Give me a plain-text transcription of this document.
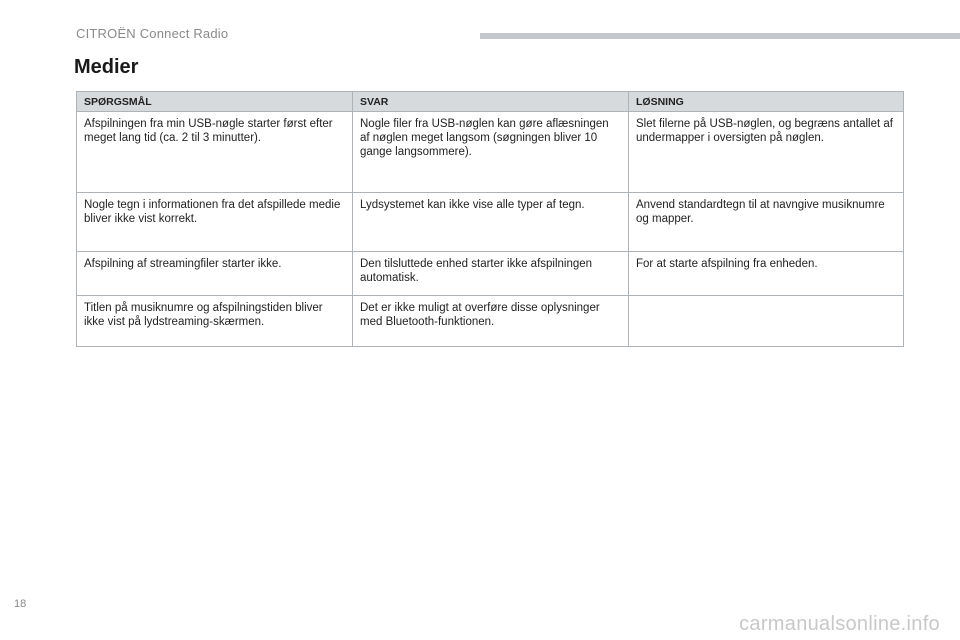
CITROËN Connect Radio
Medier
SPØRGSMÅL	SVAR	LØSNING
Afspilningen fra min USB-nøgle starter først efter meget lang tid (ca. 2 til 3 minutter).	Nogle filer fra USB-nøglen kan gøre aflæsningen af nøglen meget langsom (søgningen bliver 10 gange langsommere).	Slet filerne på USB-nøglen, og begræns antallet af undermapper i oversigten på nøglen.
Nogle tegn i informationen fra det afspillede medie bliver ikke vist korrekt.	Lydsystemet kan ikke vise alle typer af tegn.	Anvend standardtegn til at navngive musiknumre og mapper.
Afspilning af streamingfiler starter ikke.	Den tilsluttede enhed starter ikke afspilningen automatisk.	For at starte afspilning fra enheden.
Titlen på musiknumre og afspilningstiden bliver ikke vist på lydstreaming-skærmen.	Det er ikke muligt at overføre disse oplysninger med Bluetooth-funktionen.	
18
carmanualsonline.info
